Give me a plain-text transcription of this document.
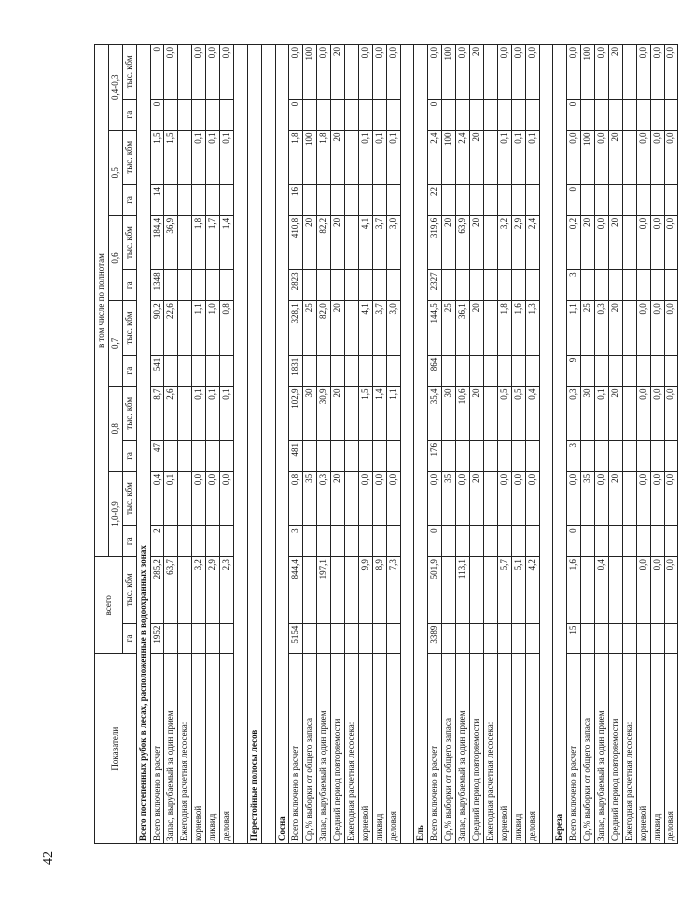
Показатели	всего		в том числе по полнотам											
			1,0-0,9		0,8		0,7		0,6		0,5		0,4-0,3	
	га	тыс. кбм	га	тыс. кбм	га	тыс. кбм	га	тыс. кбм	га	тыс. кбм	га	тыс. кбм	га	тыс. кбм
Всего постепенных рубок в лесах, расположенные в водоохранных зонах														
Всего включено в расчет	1952	285,2	2	0,4	47	8,7	541	90,2	1348	184,4	14	1,5	0	0
Запас, вырубаемый за один прием		63,7		0,1		2,6		22,6		36,9		1,5		0,0
Ежегодная расчетная лесосека:														
корневой		3,2		0,0		0,1		1,1		1,8		0,1		0,0
ликвид		2,9		0,0		0,1		1,0		1,7		0,1		0,0
деловая		2,3		0,0		0,1		0,8		1,4		0,1		0,0

Перестойные полосы лесов														

Сосна														
Всего включено в расчет	5154	844,4	3	0,8	481	102,9	1831	328,1	2823	410,8	16	1,8	0	0,0
Ср,% выборки от общего запаса				35		30		25		20		100		100
Запас, вырубаемый за один прием		197,1		0,3		30,9		82,0		82,2		1,8		0,0
Средний период повторяемости				20		20		20		20		20		20
Ежегодная расчетная лесосека:														
корневой		9,9		0,0		1,5		4,1		4,1		0,1		0,0
ликвид		8,9		0,0		1,4		3,7		3,7		0,1		0,0
деловая		7,3		0,0		1,1		3,0		3,0		0,1		0,0

Ель														
Всего включено в расчет	3389	501,9	0	0,0	176	35,4	864	144,5	2327	319,6	22	2,4	0	0,0
Ср,% выборки от общего запаса				35		30		25		20		100		100
Запас, вырубаемый за один прием		113,1		0,0		10,6		36,1		63,9		2,4		0,0
Средний период повторяемости				20		20		20		20		20		20
Ежегодная расчетная лесосека:														
корневой		5,7		0,0		0,5		1,8		3,2		0,1		0,0
ликвид		5,1		0,0		0,5		1,6		2,9		0,1		0,0
деловая		4,2		0,0		0,4		1,3		2,4		0,1		0,0

Береза														
Всего включено в расчет	15	1,6	0	0,0	3	0,3	9	1,1	3	0,2	0	0,0	0	0,0
Ср,% выборки от общего запаса				35		30		25		20		100		100
Запас, вырубаемый за один прием		0,4		0,0		0,1		0,3		0,0		0,0		0,0
Средний период повторяемости				20		20		20		20		20		20
Ежегодная расчетная лесосека:														
корневой		0,0		0,0		0,0		0,0		0,0		0,0		0,0
ликвид		0,0		0,0		0,0		0,0		0,0		0,0		0,0
деловая		0,0		0,0		0,0		0,0		0,0		0,0		0,0
42
